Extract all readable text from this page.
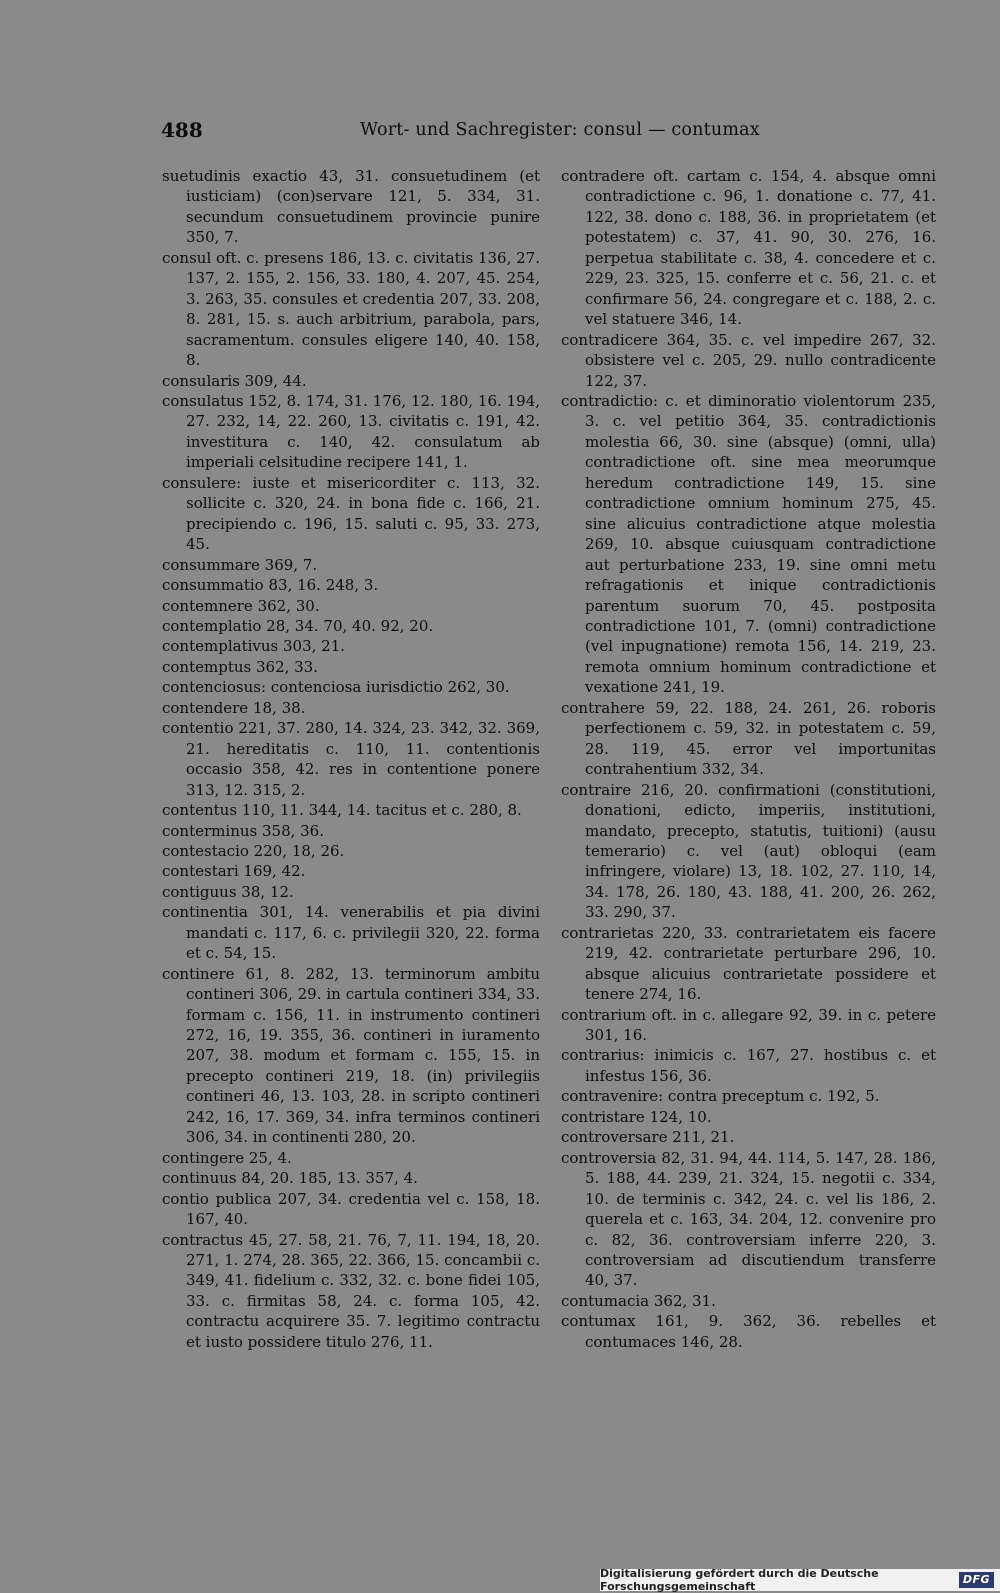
488	Wort- und Sachregister: consul — contumax

suetudinis exactio 43, 31. consuetudinem (et iusticiam) (con)servare 121, 5. 334, 31. secundum consuetudinem provincie punire 350, 7.

consul oft. c. presens 186, 13. c. civitatis 136, 27. 137, 2. 155, 2. 156, 33. 180, 4. 207, 45. 254, 3. 263, 35. consules et credentia 207, 33. 208, 8. 281, 15. s. auch arbitrium, parabola, pars, sacramentum. consules eligere 140, 40. 158, 8.

consularis 309, 44.

consulatus 152, 8. 174, 31. 176, 12. 180, 16. 194, 27. 232, 14, 22. 260, 13. civitatis c. 191, 42. investitura c. 140, 42. consulatum ab imperiali celsitudine recipere 141, 1.

consulere: iuste et misericorditer c. 113, 32. sollicite c. 320, 24. in bona fide c. 166, 21. precipiendo c. 196, 15. saluti c. 95, 33. 273, 45.

consummare 369, 7.

consummatio 83, 16. 248, 3.

contemnere 362, 30.

contemplatio 28, 34. 70, 40. 92, 20.

contemplativus 303, 21.

contemptus 362, 33.

contenciosus: contenciosa iurisdictio 262, 30.

contendere 18, 38.

contentio 221, 37. 280, 14. 324, 23. 342, 32. 369, 21. hereditatis c. 110, 11. contentionis occasio 358, 42. res in contentione ponere 313, 12. 315, 2.

contentus 110, 11. 344, 14. tacitus et c. 280, 8.

conterminus 358, 36.

contestacio 220, 18, 26.

contestari 169, 42.

contiguus 38, 12.

continentia 301, 14. venerabilis et pia divini mandati c. 117, 6. c. privilegii 320, 22. forma et c. 54, 15.

continere 61, 8. 282, 13. terminorum ambitu contineri 306, 29. in cartula contineri 334, 33. formam c. 156, 11. in instrumento contineri 272, 16, 19. 355, 36. contineri in iuramento 207, 38. modum et formam c. 155, 15. in precepto contineri 219, 18. (in) privilegiis contineri 46, 13. 103, 28. in scripto contineri 242, 16, 17. 369, 34. infra terminos contineri 306, 34. in continenti 280, 20.

contingere 25, 4.

continuus 84, 20. 185, 13. 357, 4.

contio publica 207, 34. credentia vel c. 158, 18. 167, 40.

contractus 45, 27. 58, 21. 76, 7, 11. 194, 18, 20. 271, 1. 274, 28. 365, 22. 366, 15. concambii c. 349, 41. fidelium c. 332, 32. c. bone fidei 105, 33. c. firmitas 58, 24. c. forma 105, 42. contractu acquirere 35. 7. legitimo contractu et iusto possidere titulo 276, 11.

contradere oft. cartam c. 154, 4. absque omni contradictione c. 96, 1. donatione c. 77, 41. 122, 38. dono c. 188, 36. in proprietatem (et potestatem) c. 37, 41. 90, 30. 276, 16. perpetua stabilitate c. 38, 4. concedere et c. 229, 23. 325, 15. conferre et c. 56, 21. c. et confirmare 56, 24. congregare et c. 188, 2. c. vel statuere 346, 14.

contradicere 364, 35. c. vel impedire 267, 32. obsistere vel c. 205, 29. nullo contradicente 122, 37.

contradictio: c. et diminoratio violentorum 235, 3. c. vel petitio 364, 35. contradictionis molestia 66, 30. sine (absque) (omni, ulla) contradictione oft. sine mea meorumque heredum contradictione 149, 15. sine contradictione omnium hominum 275, 45. sine alicuius contradictione atque molestia 269, 10. absque cuiusquam contradictione aut perturbatione 233, 19. sine omni metu refragationis et inique contradictionis parentum suorum 70, 45. postposita contradictione 101, 7. (omni) contradictione (vel inpugnatione) remota 156, 14. 219, 23. remota omnium hominum contradictione et vexatione 241, 19.

contrahere 59, 22. 188, 24. 261, 26. roboris perfectionem c. 59, 32. in potestatem c. 59, 28. 119, 45. error vel importunitas contrahentium 332, 34.

contraire 216, 20. confirmationi (constitutioni, donationi, edicto, imperiis, institutioni, mandato, precepto, statutis, tuitioni) (ausu temerario) c. vel (aut) obloqui (eam infringere, violare) 13, 18. 102, 27. 110, 14, 34. 178, 26. 180, 43. 188, 41. 200, 26. 262, 33. 290, 37.

contrarietas 220, 33. contrarietatem eis facere 219, 42. contrarietate perturbare 296, 10. absque alicuius contrarietate possidere et tenere 274, 16.

contrarium oft. in c. allegare 92, 39. in c. petere 301, 16.

contrarius: inimicis c. 167, 27. hostibus c. et infestus 156, 36.

contravenire: contra preceptum c. 192, 5.

contristare 124, 10.

controversare 211, 21.

controversia 82, 31. 94, 44. 114, 5. 147, 28. 186, 5. 188, 44. 239, 21. 324, 15. negotii c. 334, 10. de terminis c. 342, 24. c. vel lis 186, 2. querela et c. 163, 34. 204, 12. convenire pro c. 82, 36. controversiam inferre 220, 3. controversiam ad discutiendum transferre 40, 37.

contumacia 362, 31.

contumax 161, 9. 362, 36. rebelles et contumaces 146, 28.

Digitalisierung gefördert durch die Deutsche Forschungsgemeinschaft
DFG
